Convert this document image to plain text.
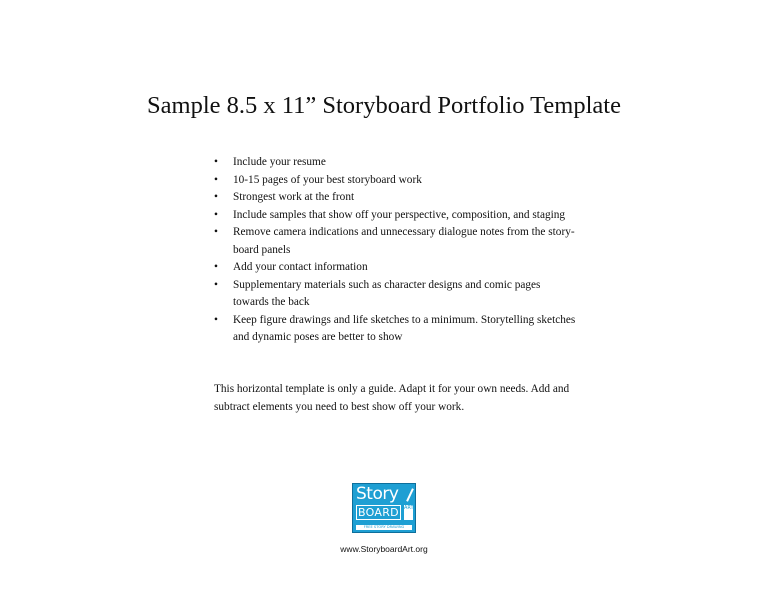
Sample 8.5 x 11” Storyboard Portfolio Template
•	Include your resume
•	10-15 pages of your best storyboard work
•	Strongest work at the front
•	Include samples that show off your perspective, composition, and staging
•	Remove camera indications and unnecessary dialogue notes from the story-
board panels
•	Add your contact information
•	Supplementary materials such as character designs and comic pages
towards the back
•	Keep figure drawings and life sketches to a minimum. Storytelling sketches
and dynamic poses are better to show

This horizontal template is only a guide. Adapt it for your own needs. Add and
subtract elements you need to best show off your work.

Story
BOARD	ART
FREE STORY DRAWING
www.StoryboardArt.org
